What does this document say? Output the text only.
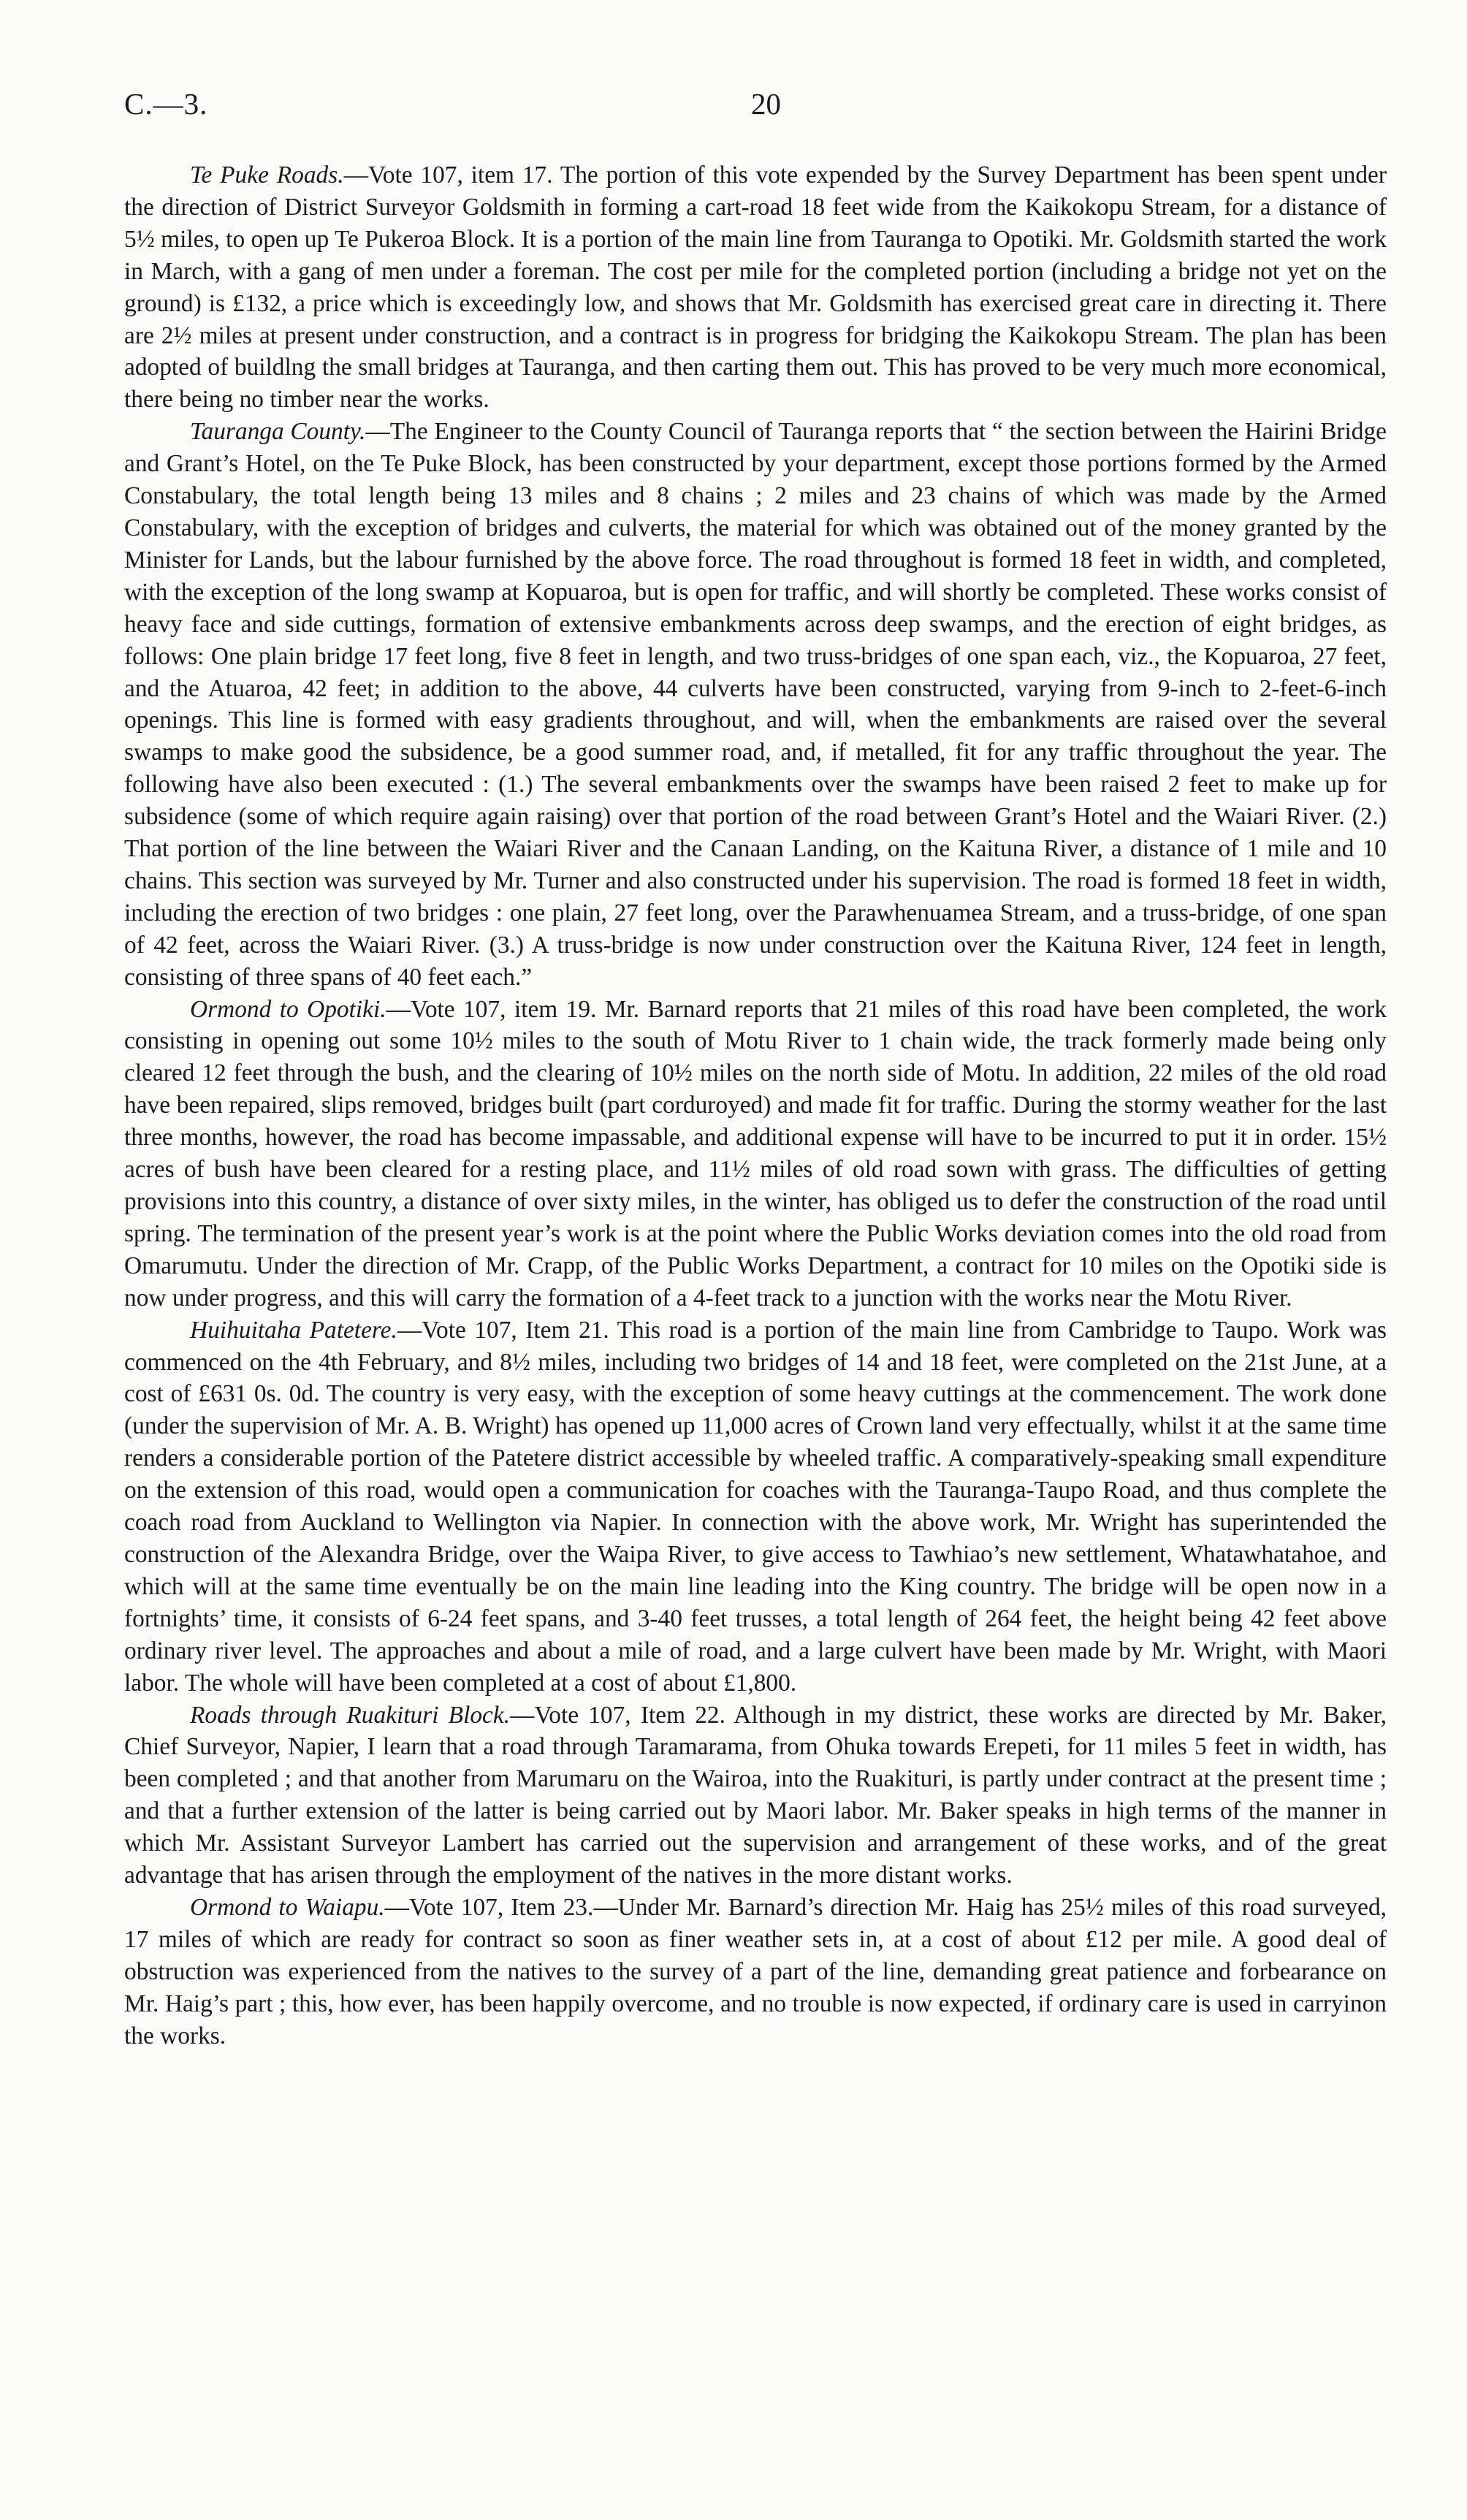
C.—3.	20

Te Puke Roads.—Vote 107, item 17. The portion of this vote expended by the Survey Department has been spent under the direction of District Surveyor Goldsmith in forming a cart-road 18 feet wide from the Kaikokopu Stream, for a distance of 5½ miles, to open up Te Pukeroa Block. It is a portion of the main line from Tauranga to Opotiki. Mr. Goldsmith started the work in March, with a gang of men under a foreman. The cost per mile for the completed portion (including a bridge not yet on the ground) is £132, a price which is exceedingly low, and shows that Mr. Goldsmith has exercised great care in directing it. There are 2½ miles at present under construction, and a contract is in progress for bridging the Kaikokopu Stream. The plan has been adopted of buildlng the small bridges at Tauranga, and then carting them out. This has proved to be very much more economical, there being no timber near the works.

Tauranga County.—The Engineer to the County Council of Tauranga reports that “ the section between the Hairini Bridge and Grant’s Hotel, on the Te Puke Block, has been constructed by your department, except those portions formed by the Armed Constabulary, the total length being 13 miles and 8 chains ; 2 miles and 23 chains of which was made by the Armed Constabulary, with the exception of bridges and culverts, the material for which was obtained out of the money granted by the Minister for Lands, but the labour furnished by the above force. The road throughout is formed 18 feet in width, and completed, with the exception of the long swamp at Kopuaroa, but is open for traffic, and will shortly be completed. These works consist of heavy face and side cuttings, formation of extensive embankments across deep swamps, and the erection of eight bridges, as follows: One plain bridge 17 feet long, five 8 feet in length, and two truss-bridges of one span each, viz., the Kopuaroa, 27 feet, and the Atuaroa, 42 feet; in addition to the above, 44 culverts have been constructed, varying from 9-inch to 2-feet-6-inch openings. This line is formed with easy gradients throughout, and will, when the embankments are raised over the several swamps to make good the subsidence, be a good summer road, and, if metalled, fit for any traffic throughout the year. The following have also been executed : (1.) The several embankments over the swamps have been raised 2 feet to make up for subsidence (some of which require again raising) over that portion of the road between Grant’s Hotel and the Waiari River. (2.) That portion of the line between the Waiari River and the Canaan Landing, on the Kaituna River, a distance of 1 mile and 10 chains. This section was surveyed by Mr. Turner and also constructed under his supervision. The road is formed 18 feet in width, including the erection of two bridges : one plain, 27 feet long, over the Parawhenuamea Stream, and a truss-bridge, of one span of 42 feet, across the Waiari River. (3.) A truss-bridge is now under construction over the Kaituna River, 124 feet in length, consisting of three spans of 40 feet each.”

Ormond to Opotiki.—Vote 107, item 19. Mr. Barnard reports that 21 miles of this road have been completed, the work consisting in opening out some 10½ miles to the south of Motu River to 1 chain wide, the track formerly made being only cleared 12 feet through the bush, and the clearing of 10½ miles on the north side of Motu. In addition, 22 miles of the old road have been repaired, slips removed, bridges built (part corduroyed) and made fit for traffic. During the stormy weather for the last three months, however, the road has become impassable, and additional expense will have to be incurred to put it in order. 15½ acres of bush have been cleared for a resting place, and 11½ miles of old road sown with grass. The difficulties of getting provisions into this country, a distance of over sixty miles, in the winter, has obliged us to defer the construction of the road until spring. The termination of the present year’s work is at the point where the Public Works deviation comes into the old road from Omarumutu. Under the direction of Mr. Crapp, of the Public Works Department, a contract for 10 miles on the Opotiki side is now under progress, and this will carry the formation of a 4-feet track to a junction with the works near the Motu River.

Huihuitaha Patetere.—Vote 107, Item 21. This road is a portion of the main line from Cambridge to Taupo. Work was commenced on the 4th February, and 8½ miles, including two bridges of 14 and 18 feet, were completed on the 21st June, at a cost of £631 0s. 0d. The country is very easy, with the exception of some heavy cuttings at the commencement. The work done (under the supervision of Mr. A. B. Wright) has opened up 11,000 acres of Crown land very effectually, whilst it at the same time renders a considerable portion of the Patetere district accessible by wheeled traffic. A comparatively-speaking small expenditure on the extension of this road, would open a communication for coaches with the Tauranga-Taupo Road, and thus complete the coach road from Auckland to Wellington via Napier. In connection with the above work, Mr. Wright has superintended the construction of the Alexandra Bridge, over the Waipa River, to give access to Tawhiao’s new settlement, Whatawhatahoe, and which will at the same time eventually be on the main line leading into the King country. The bridge will be open now in a fortnights’ time, it consists of 6-24 feet spans, and 3-40 feet trusses, a total length of 264 feet, the height being 42 feet above ordinary river level. The approaches and about a mile of road, and a large culvert have been made by Mr. Wright, with Maori labor. The whole will have been completed at a cost of about £1,800.

Roads through Ruakituri Block.—Vote 107, Item 22. Although in my district, these works are directed by Mr. Baker, Chief Surveyor, Napier, I learn that a road through Taramarama, from Ohuka towards Erepeti, for 11 miles 5 feet in width, has been completed ; and that another from Marumaru on the Wairoa, into the Ruakituri, is partly under contract at the present time ; and that a further extension of the latter is being carried out by Maori labor. Mr. Baker speaks in high terms of the manner in which Mr. Assistant Surveyor Lambert has carried out the supervision and arrangement of these works, and of the great advantage that has arisen through the employment of the natives in the more distant works.

Ormond to Waiapu.—Vote 107, Item 23.—Under Mr. Barnard’s direction Mr. Haig has 25½ miles of this road surveyed, 17 miles of which are ready for contract so soon as finer weather sets in, at a cost of about £12 per mile. A good deal of obstruction was experienced from the natives to the survey of a part of the line, demanding great patience and forbearance on Mr. Haig’s part ; this, how ever, has been happily overcome, and no trouble is now expected, if ordinary care is used in carryinon the works.
